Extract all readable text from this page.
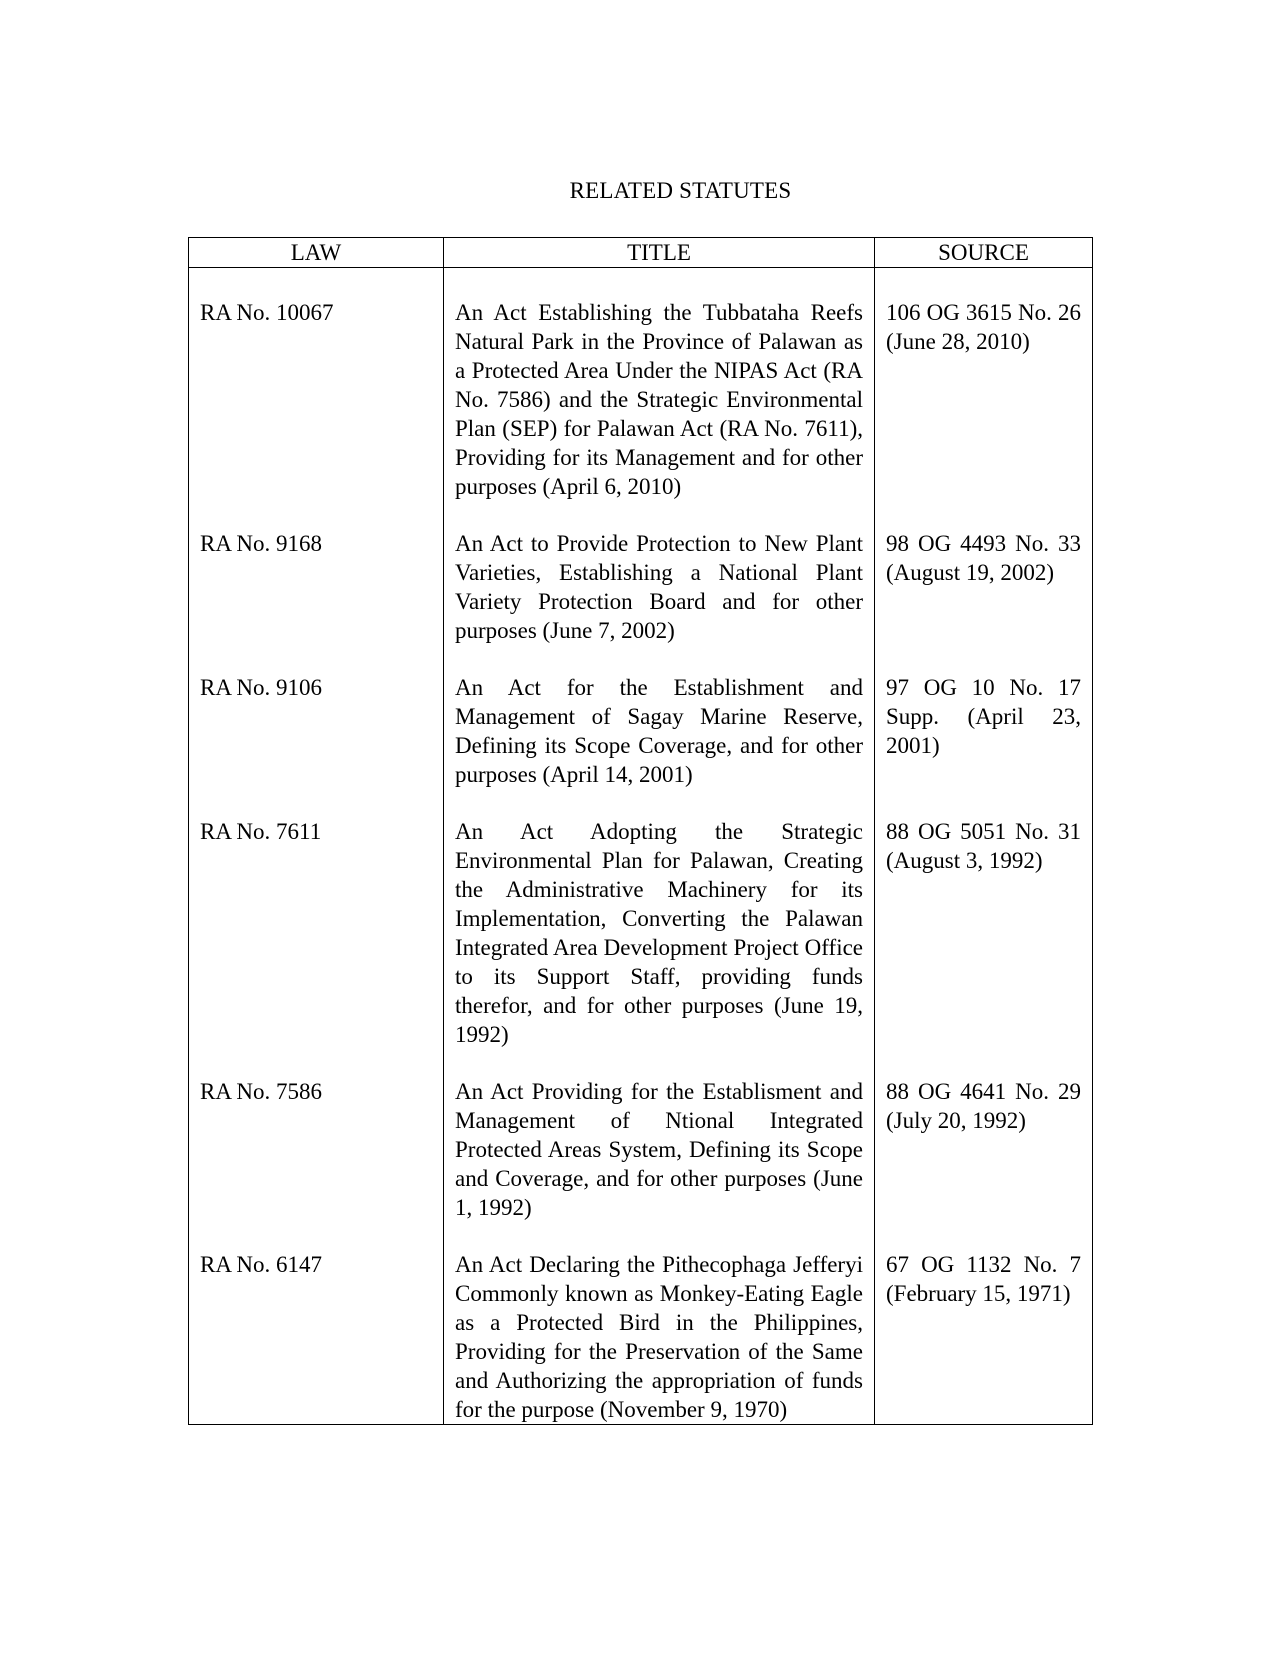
RELATED STATUTES
LAW	TITLE	SOURCE
RA No. 10067	An Act Establishing the Tubbataha Reefs Natural Park in the Province of Palawan as a Protected Area Under the NIPAS Act (RA No. 7586) and the Strategic Environmental Plan (SEP) for Palawan Act (RA No. 7611), Providing for its Management and for other purposes (April 6, 2010)	106 OG 3615 No. 26 (June 28, 2010)
RA No. 9168	An Act to Provide Protection to New Plant Varieties, Establishing a National Plant Variety Protection Board and for other purposes (June 7, 2002)	98 OG 4493 No. 33 (August 19, 2002)
RA No. 9106	An Act for the Establishment and Management of Sagay Marine Reserve, Defining its Scope Coverage, and for other purposes (April 14, 2001)	97 OG 10 No. 17 Supp. (April 23, 2001)
RA No. 7611	An Act Adopting the Strategic Environmental Plan for Palawan, Creating the Administrative Machinery for its Implementation, Converting the Palawan Integrated Area Development Project Office to its Support Staff, providing funds therefor, and for other purposes (June 19, 1992)	88 OG 5051 No. 31 (August 3, 1992)
RA No. 7586	An Act Providing for the Establisment and Management of Ntional Integrated Protected Areas System, Defining its Scope and Coverage, and for other purposes (June 1, 1992)	88 OG 4641 No. 29 (July 20, 1992)
RA No. 6147	An Act Declaring the Pithecophaga Jefferyi Commonly known as Monkey-Eating Eagle as a Protected Bird in the Philippines, Providing for the Preservation of the Same and Authorizing the appropriation of funds for the purpose (November 9, 1970)	67 OG 1132 No. 7 (February 15, 1971)
